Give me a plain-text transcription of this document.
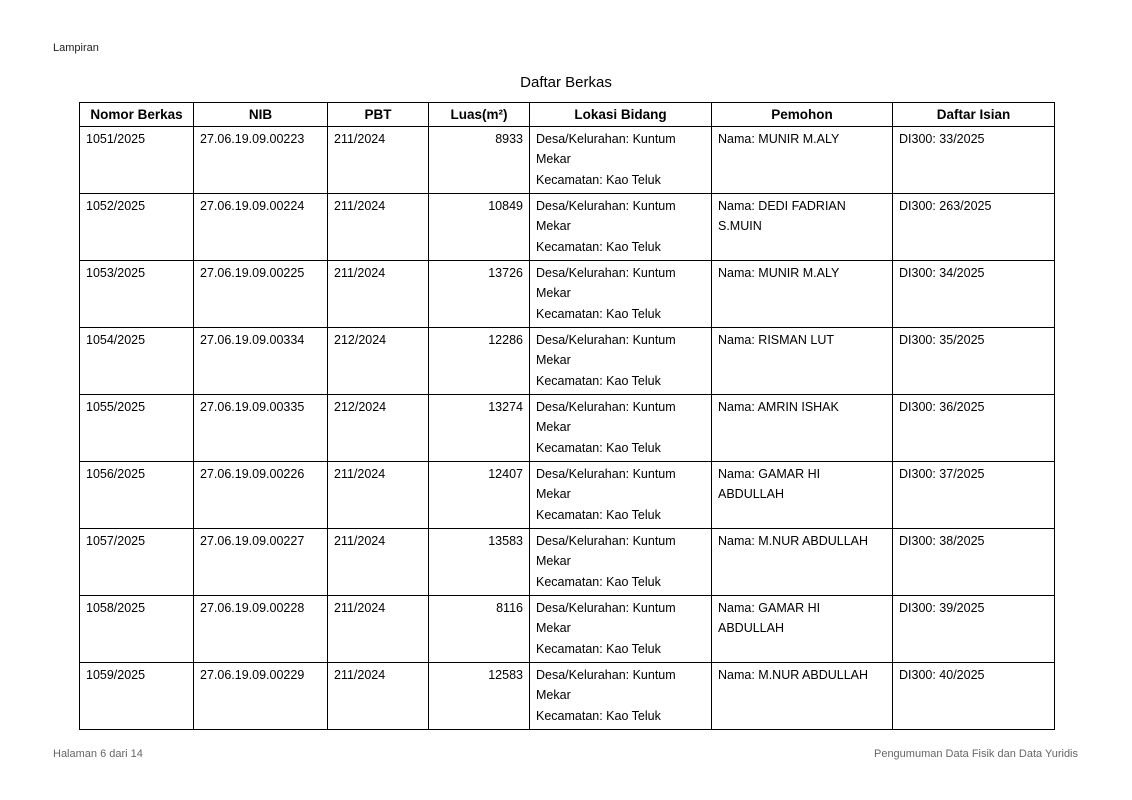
Lampiran
Daftar Berkas
Nomor Berkas	NIB	PBT	Luas(m²)	Lokasi Bidang	Pemohon	Daftar Isian
1051/2025	27.06.19.09.00223	211/2024	8933	Desa/Kelurahan: Kuntum
Mekar
Kecamatan: Kao Teluk	Nama: MUNIR M.ALY	DI300: 33/2025
1052/2025	27.06.19.09.00224	211/2024	10849	Desa/Kelurahan: Kuntum
Mekar
Kecamatan: Kao Teluk	Nama: DEDI FADRIAN
S.MUIN	DI300: 263/2025
1053/2025	27.06.19.09.00225	211/2024	13726	Desa/Kelurahan: Kuntum
Mekar
Kecamatan: Kao Teluk	Nama: MUNIR M.ALY	DI300: 34/2025
1054/2025	27.06.19.09.00334	212/2024	12286	Desa/Kelurahan: Kuntum
Mekar
Kecamatan: Kao Teluk	Nama: RISMAN LUT	DI300: 35/2025
1055/2025	27.06.19.09.00335	212/2024	13274	Desa/Kelurahan: Kuntum
Mekar
Kecamatan: Kao Teluk	Nama: AMRIN ISHAK	DI300: 36/2025
1056/2025	27.06.19.09.00226	211/2024	12407	Desa/Kelurahan: Kuntum
Mekar
Kecamatan: Kao Teluk	Nama: GAMAR HI
ABDULLAH	DI300: 37/2025
1057/2025	27.06.19.09.00227	211/2024	13583	Desa/Kelurahan: Kuntum
Mekar
Kecamatan: Kao Teluk	Nama: M.NUR ABDULLAH	DI300: 38/2025
1058/2025	27.06.19.09.00228	211/2024	8116	Desa/Kelurahan: Kuntum
Mekar
Kecamatan: Kao Teluk	Nama: GAMAR HI
ABDULLAH	DI300: 39/2025
1059/2025	27.06.19.09.00229	211/2024	12583	Desa/Kelurahan: Kuntum
Mekar
Kecamatan: Kao Teluk	Nama: M.NUR ABDULLAH	DI300: 40/2025
Halaman 6 dari 14	Pengumuman Data Fisik dan Data Yuridis
